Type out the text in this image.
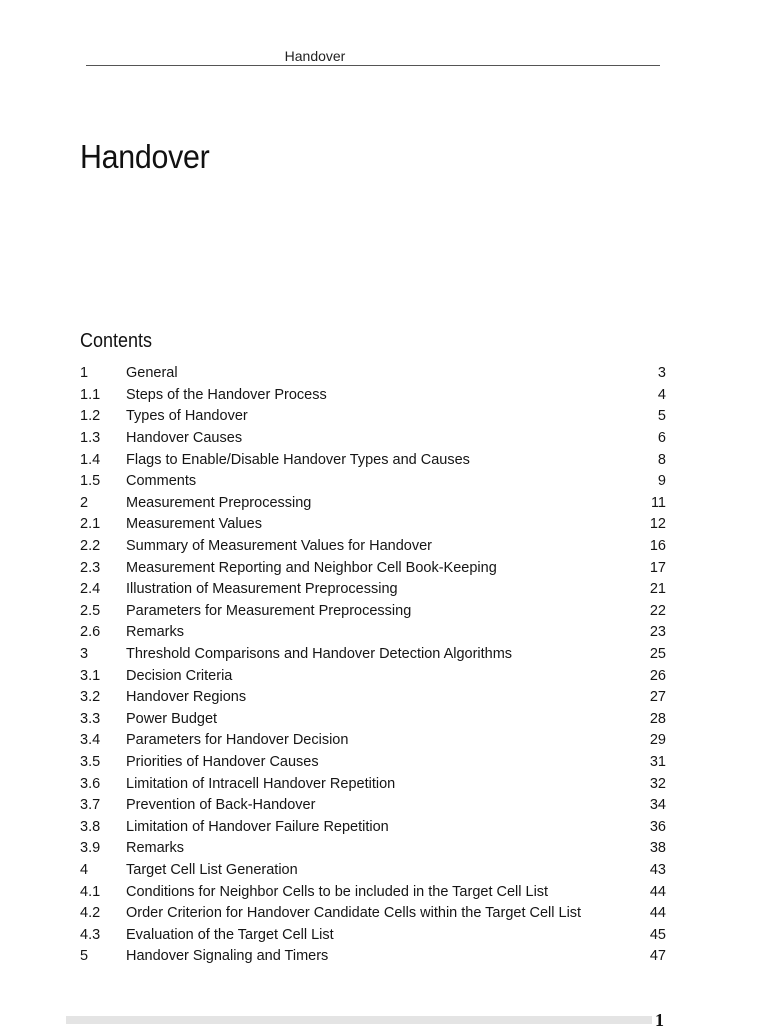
Handover
Handover
Contents
1	General	3
1.1	Steps of the Handover Process	4
1.2	Types of Handover	5
1.3	Handover Causes	6
1.4	Flags to Enable/Disable Handover Types and Causes	8
1.5	Comments	9
2	Measurement Preprocessing	11
2.1	Measurement Values	12
2.2	Summary of Measurement Values for Handover	16
2.3	Measurement Reporting and Neighbor Cell Book-Keeping	17
2.4	Illustration of Measurement Preprocessing	21
2.5	Parameters for Measurement Preprocessing	22
2.6	Remarks	23
3	Threshold Comparisons and Handover Detection Algorithms	25
3.1	Decision Criteria	26
3.2	Handover Regions	27
3.3	Power Budget	28
3.4	Parameters for Handover Decision	29
3.5	Priorities of Handover Causes	31
3.6	Limitation of Intracell Handover Repetition	32
3.7	Prevention of Back-Handover	34
3.8	Limitation of Handover Failure Repetition	36
3.9	Remarks	38
4	Target Cell List Generation	43
4.1	Conditions for Neighbor Cells to be included in the Target Cell List	44
4.2	Order Criterion for Handover Candidate Cells within the Target Cell List	44
4.3	Evaluation of the Target Cell List	45
5	Handover Signaling and Timers	47
1
